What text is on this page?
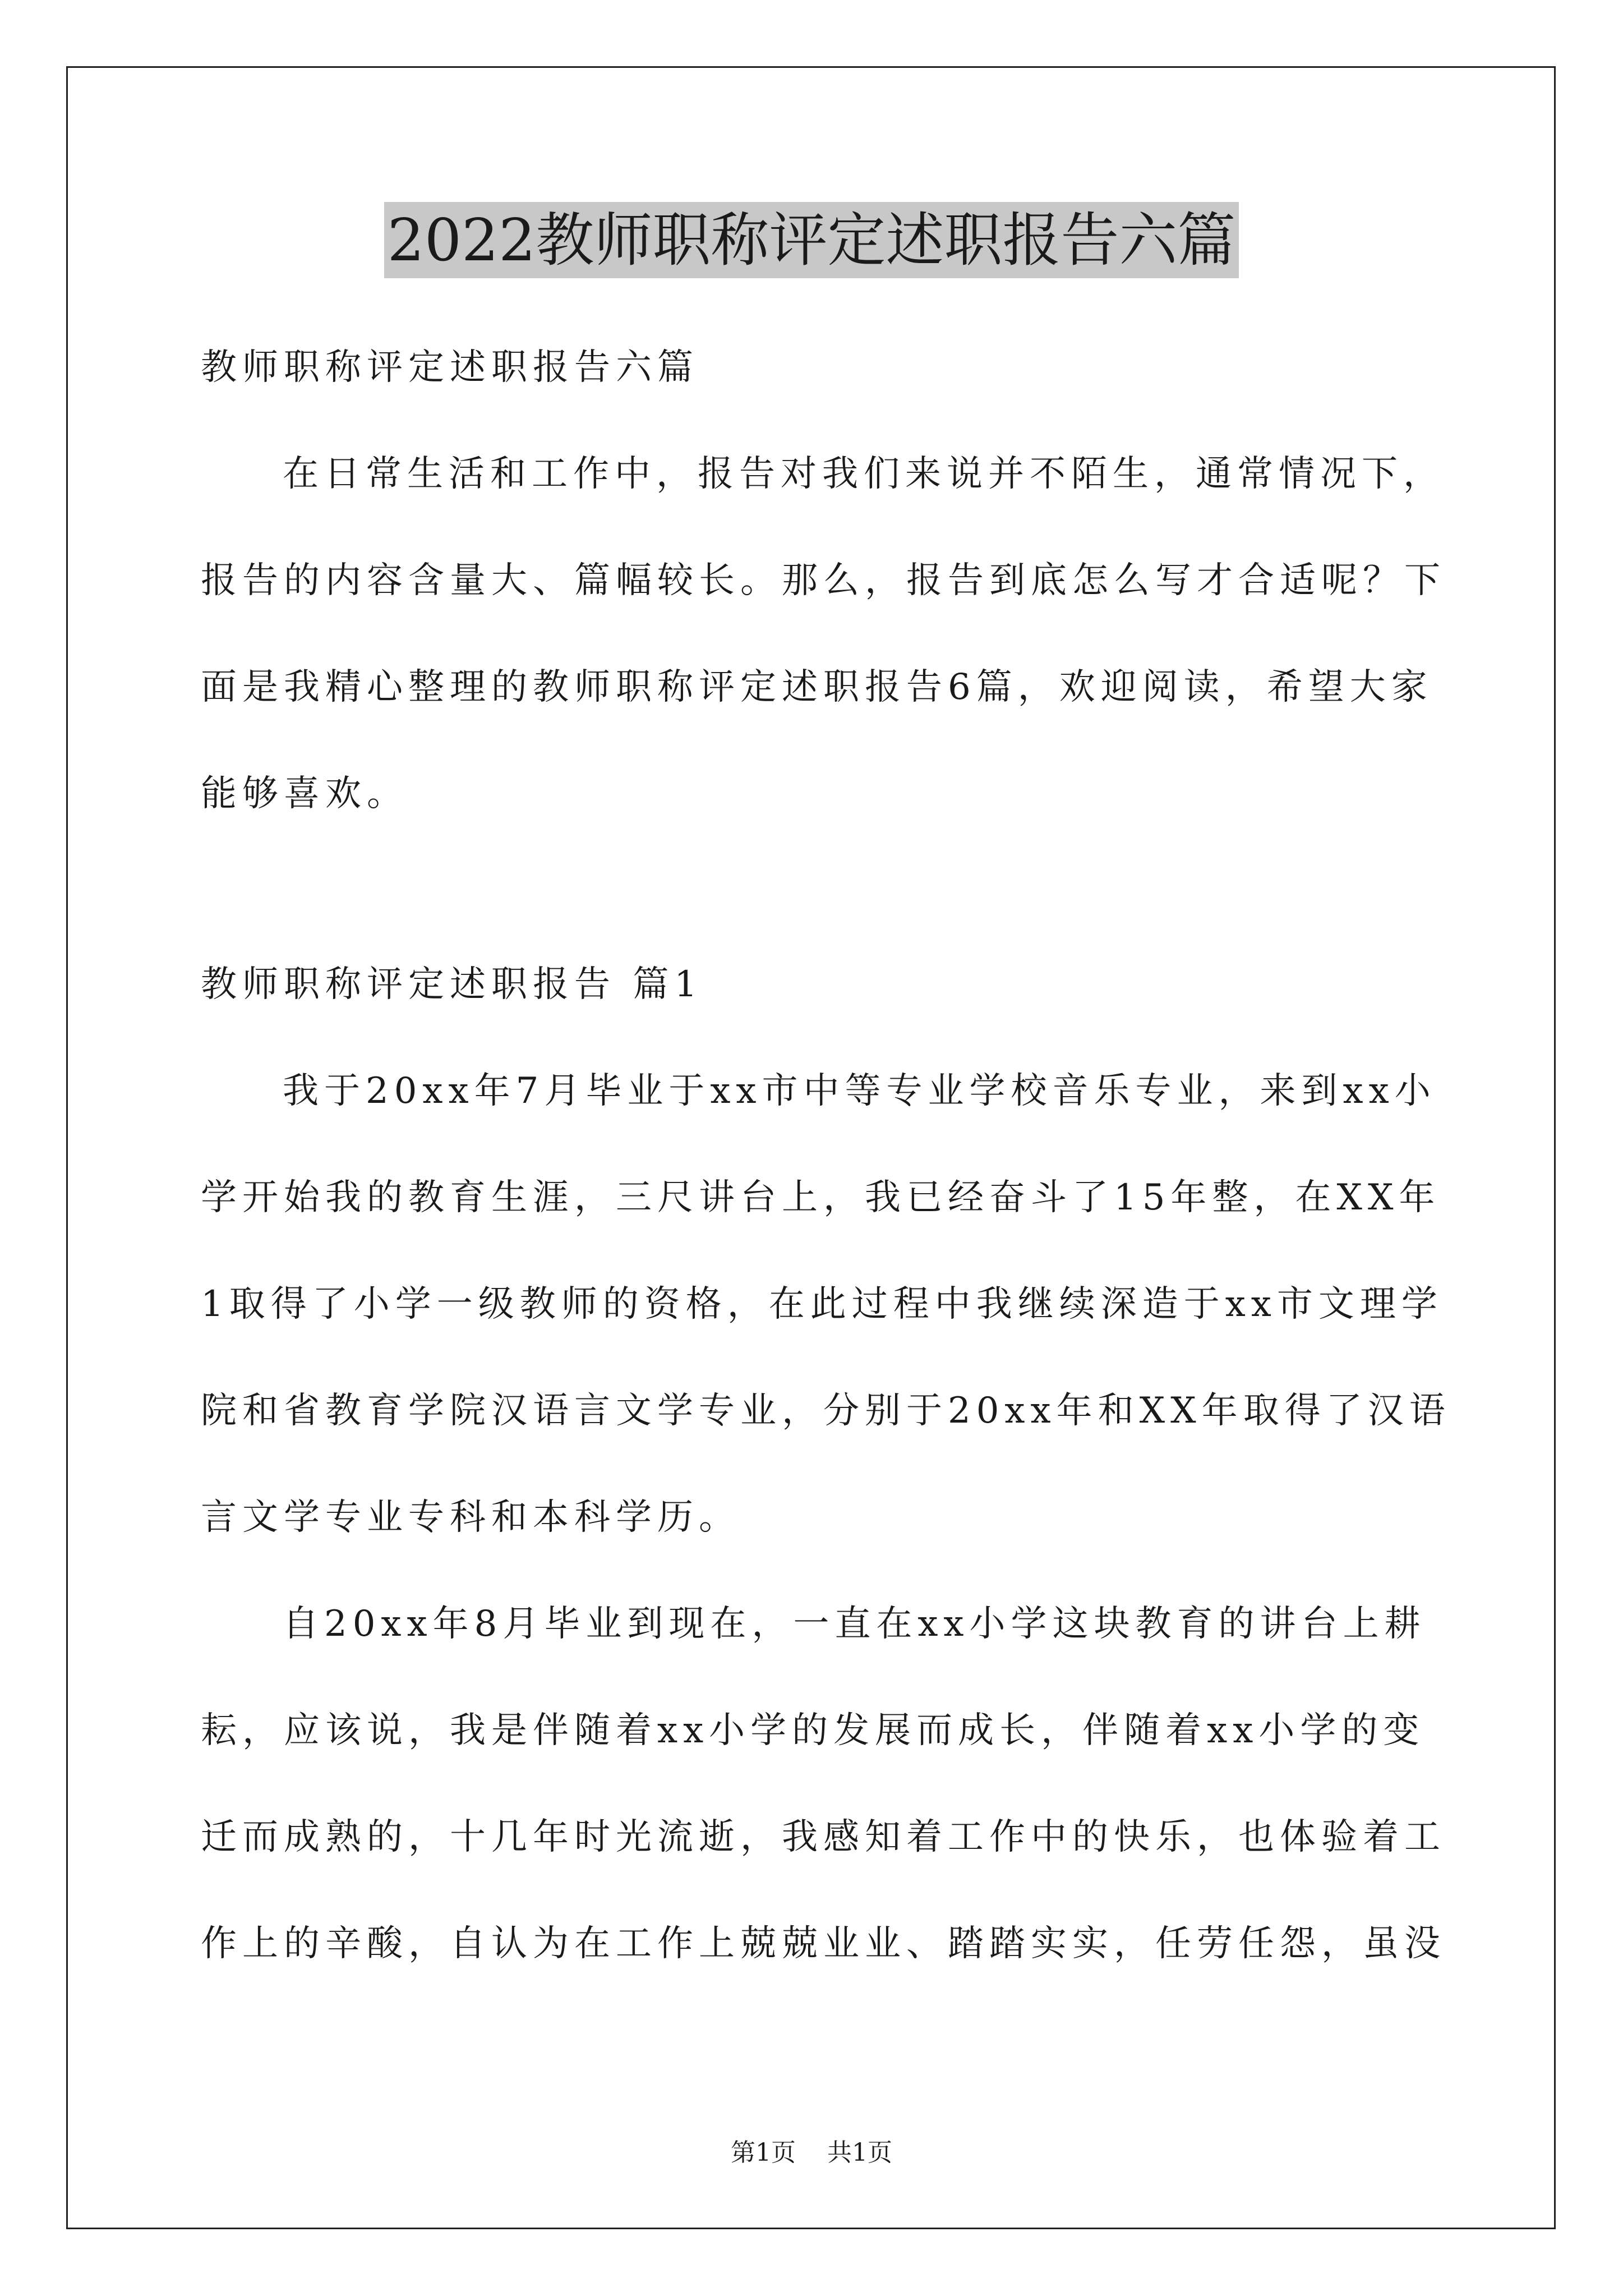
2022教师职称评定述职报告六篇
教师职称评定述职报告六篇
在日常生活和工作中，报告对我们来说并不陌生，通常情况下，
报告的内容含量大、篇幅较长。那么，报告到底怎么写才合适呢？下
面是我精心整理的教师职称评定述职报告6篇，欢迎阅读，希望大家
能够喜欢。
教师职称评定述职报告 篇1
我于20xx年7月毕业于xx市中等专业学校音乐专业，来到xx小
学开始我的教育生涯，三尺讲台上，我已经奋斗了15年整，在XX年
1取得了小学一级教师的资格，在此过程中我继续深造于xx市文理学
院和省教育学院汉语言文学专业，分别于20xx年和XX年取得了汉语
言文学专业专科和本科学历。
自20xx年8月毕业到现在，一直在xx小学这块教育的讲台上耕
耘，应该说，我是伴随着xx小学的发展而成长，伴随着xx小学的变
迁而成熟的，十几年时光流逝，我感知着工作中的快乐，也体验着工
作上的辛酸，自认为在工作上兢兢业业、踏踏实实，任劳任怨，虽没
第1页 共1页
